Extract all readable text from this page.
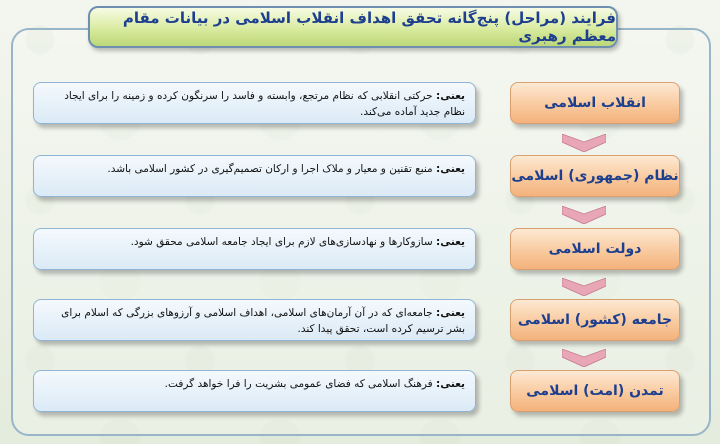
فرایند (مراحل) پنج‌گانه تحقق اهداف انقلاب اسلامی در بیانات مقام معظم رهبری
انقلاب اسلامی
یعنی: حرکتی انقلابی که نظام مرتجع، وابسته و فاسد را سرنگون کرده و زمینه را برای ایجاد نظام جدید آماده می‌کند.
نظام (جمهوری) اسلامی
یعنی: منبع تقنین و معیار و ملاک اجرا و ارکان تصمیم‌گیری در کشور اسلامی باشد.
دولت اسلامی
یعنی: سازوکارها و نهادسازی‌های لازم برای ایجاد جامعه اسلامی محقق شود.
جامعه (کشور) اسلامی
یعنی: جامعه‌ای که در آن آرمان‌های اسلامی، اهداف اسلامی و آرزوهای بزرگی که اسلام برای بشر ترسیم کرده است، تحقق پیدا کند.
تمدن (امت) اسلامی
یعنی: فرهنگ اسلامی که فضای عمومی بشریت را فرا خواهد گرفت.
